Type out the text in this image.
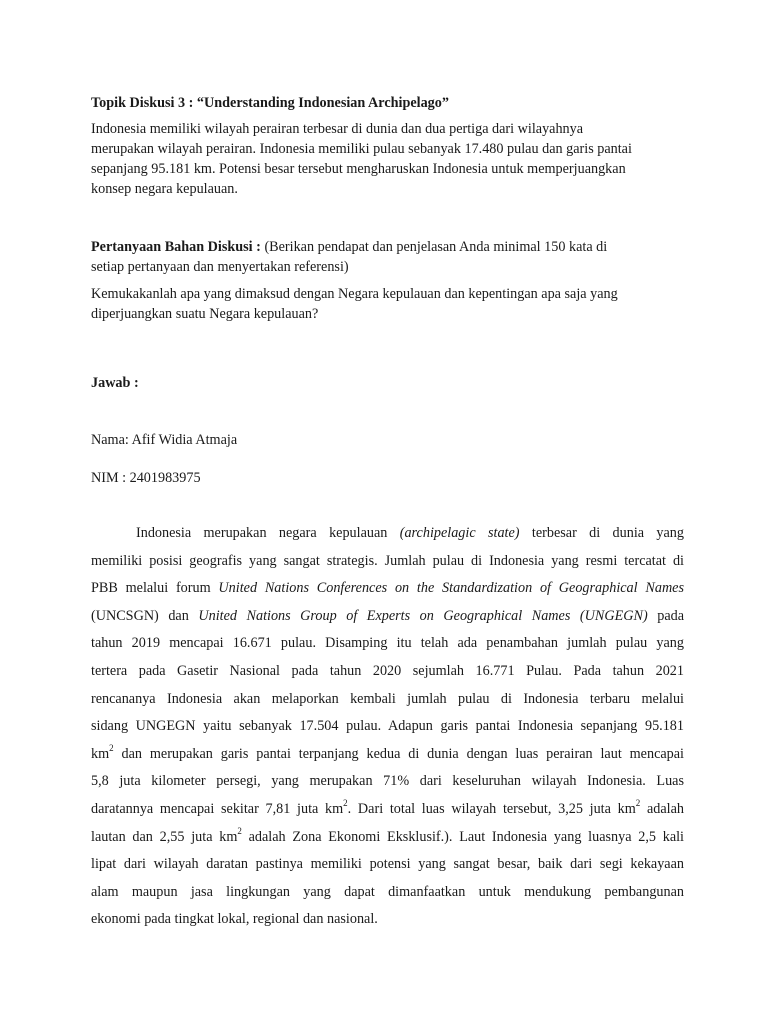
Topik Diskusi 3 : “Understanding Indonesian Archipelago”
Indonesia memiliki wilayah perairan terbesar di dunia dan dua pertiga dari wilayahnya
merupakan wilayah perairan. Indonesia memiliki pulau sebanyak 17.480 pulau dan garis pantai
sepanjang 95.181 km. Potensi besar tersebut mengharuskan Indonesia untuk memperjuangkan
konsep negara kepulauan.
Pertanyaan Bahan Diskusi : (Berikan pendapat dan penjelasan Anda minimal 150 kata di
setiap pertanyaan dan menyertakan referensi)
Kemukakanlah apa yang dimaksud dengan Negara kepulauan dan kepentingan apa saja yang
diperjuangkan suatu Negara kepulauan?
Jawab :
Nama: Afif Widia Atmaja
NIM : 2401983975
Indonesia merupakan negara kepulauan (archipelagic state) terbesar di dunia yang
memiliki posisi geografis yang sangat strategis. Jumlah pulau di Indonesia yang resmi tercatat di
PBB melalui forum United Nations Conferences on the Standardization of Geographical Names
(UNCSGN) dan United Nations Group of Experts on Geographical Names (UNGEGN) pada
tahun 2019 mencapai 16.671 pulau. Disamping itu telah ada penambahan jumlah pulau yang
tertera pada Gasetir Nasional pada tahun 2020 sejumlah 16.771 Pulau. Pada tahun 2021
rencananya Indonesia akan melaporkan kembali jumlah pulau di Indonesia terbaru melalui
sidang UNGEGN yaitu sebanyak 17.504 pulau. Adapun garis pantai Indonesia sepanjang 95.181
$km^2$ dan merupakan garis pantai terpanjang kedua di dunia dengan luas perairan laut mencapai
5,8 juta kilometer persegi, yang merupakan 71% dari keseluruhan wilayah Indonesia. Luas
daratannya mencapai sekitar 7,81 juta $km^2$. Dari total luas wilayah tersebut, 3,25 juta $km^2$ adalah
lautan dan 2,55 juta $km^2$ adalah Zona Ekonomi Eksklusif.). Laut Indonesia yang luasnya 2,5 kali
lipat dari wilayah daratan pastinya memiliki potensi yang sangat besar, baik dari segi kekayaan
alam maupun jasa lingkungan yang dapat dimanfaatkan untuk mendukung pembangunan
ekonomi pada tingkat lokal, regional dan nasional.
